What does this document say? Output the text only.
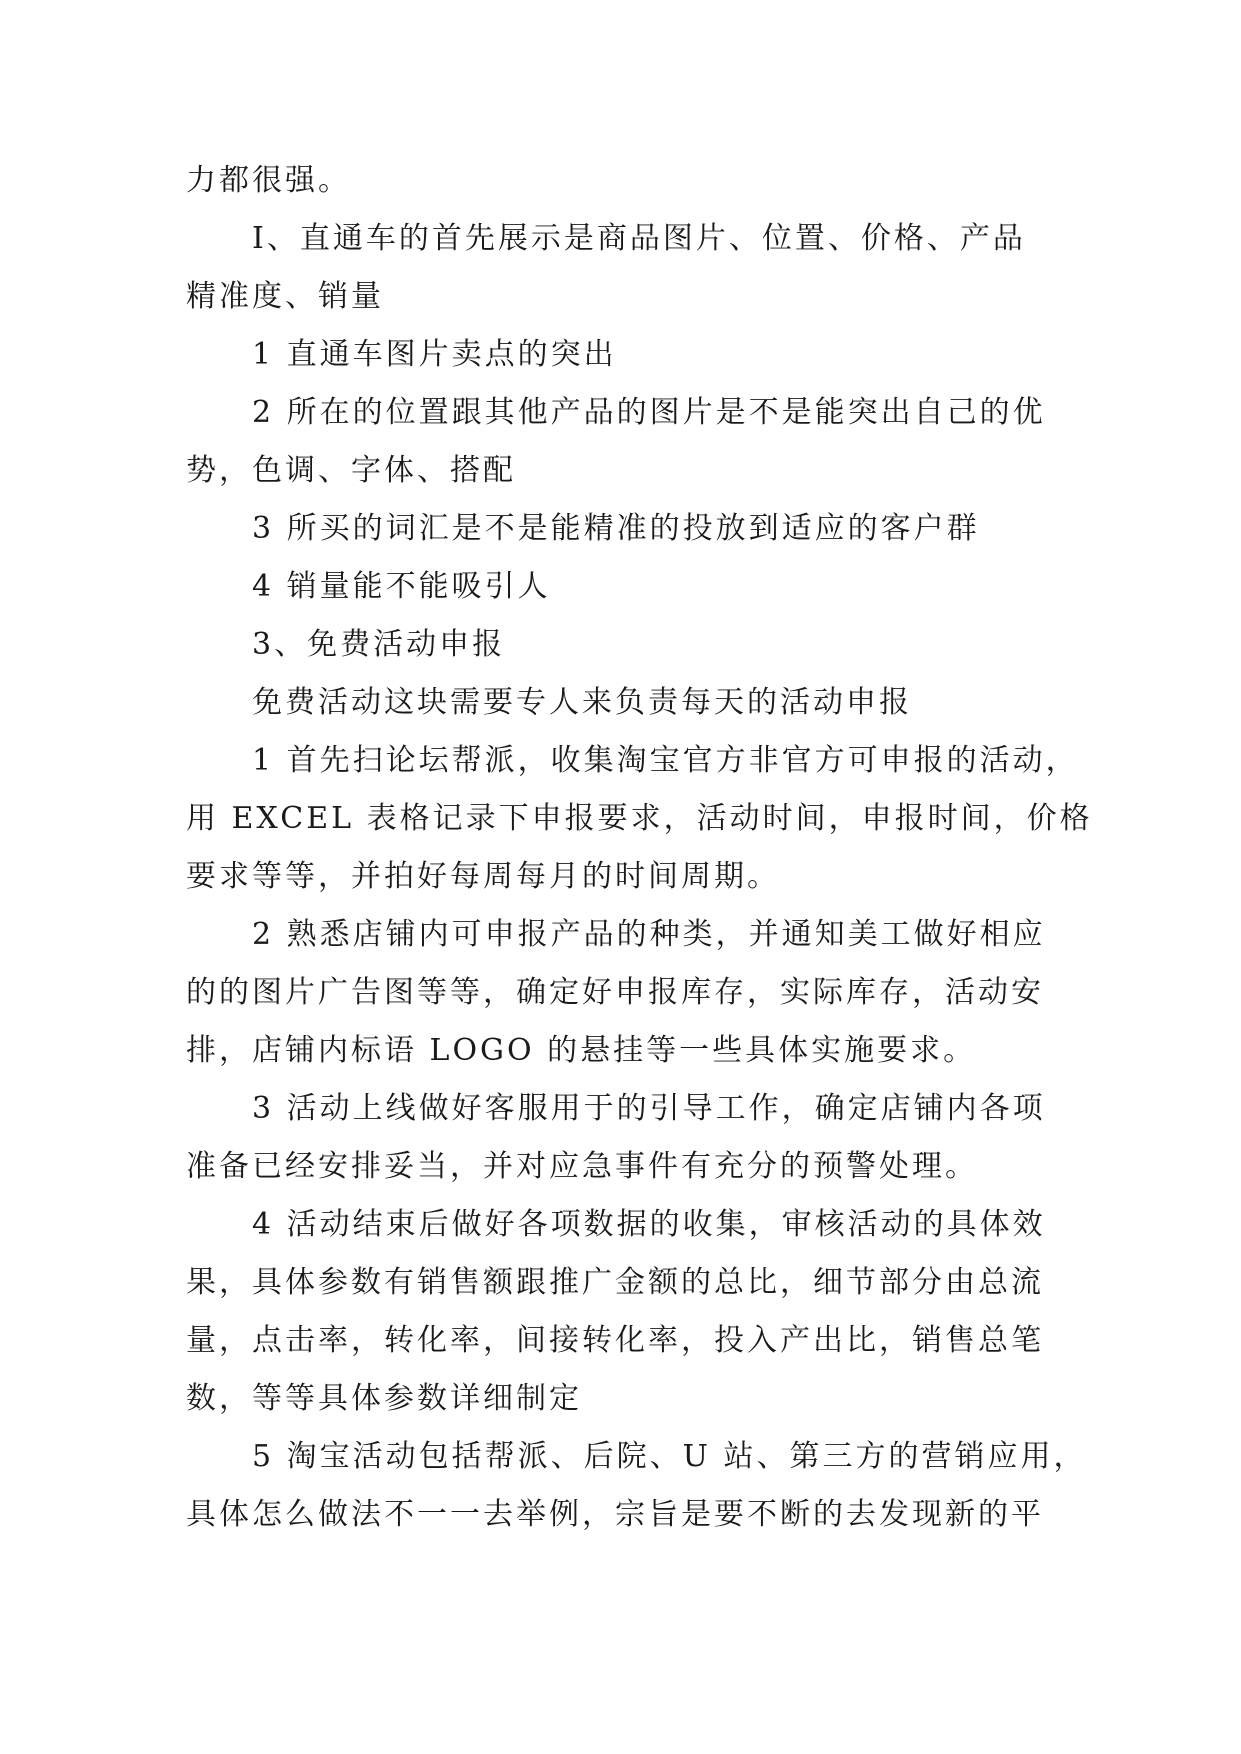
力都很强。

I、直通车的首先展示是商品图片、位置、价格、产品

精准度、销量

1 直通车图片卖点的突出

2 所在的位置跟其他产品的图片是不是能突出自己的优

势，色调、字体、搭配

3 所买的词汇是不是能精准的投放到适应的客户群

4 销量能不能吸引人

3、免费活动申报

免费活动这块需要专人来负责每天的活动申报

1 首先扫论坛帮派，收集淘宝官方非官方可申报的活动，

用 EXCEL 表格记录下申报要求，活动时间，申报时间，价格

要求等等，并拍好每周每月的时间周期。

2 熟悉店铺内可申报产品的种类，并通知美工做好相应

的的图片广告图等等，确定好申报库存，实际库存，活动安

排，店铺内标语 LOGO 的悬挂等一些具体实施要求。

3 活动上线做好客服用于的引导工作，确定店铺内各项

准备已经安排妥当，并对应急事件有充分的预警处理。

4 活动结束后做好各项数据的收集，审核活动的具体效

果，具体参数有销售额跟推广金额的总比，细节部分由总流

量，点击率，转化率，间接转化率，投入产出比，销售总笔

数，等等具体参数详细制定

5 淘宝活动包括帮派、后院、U 站、第三方的营销应用，

具体怎么做法不一一去举例，宗旨是要不断的去发现新的平
